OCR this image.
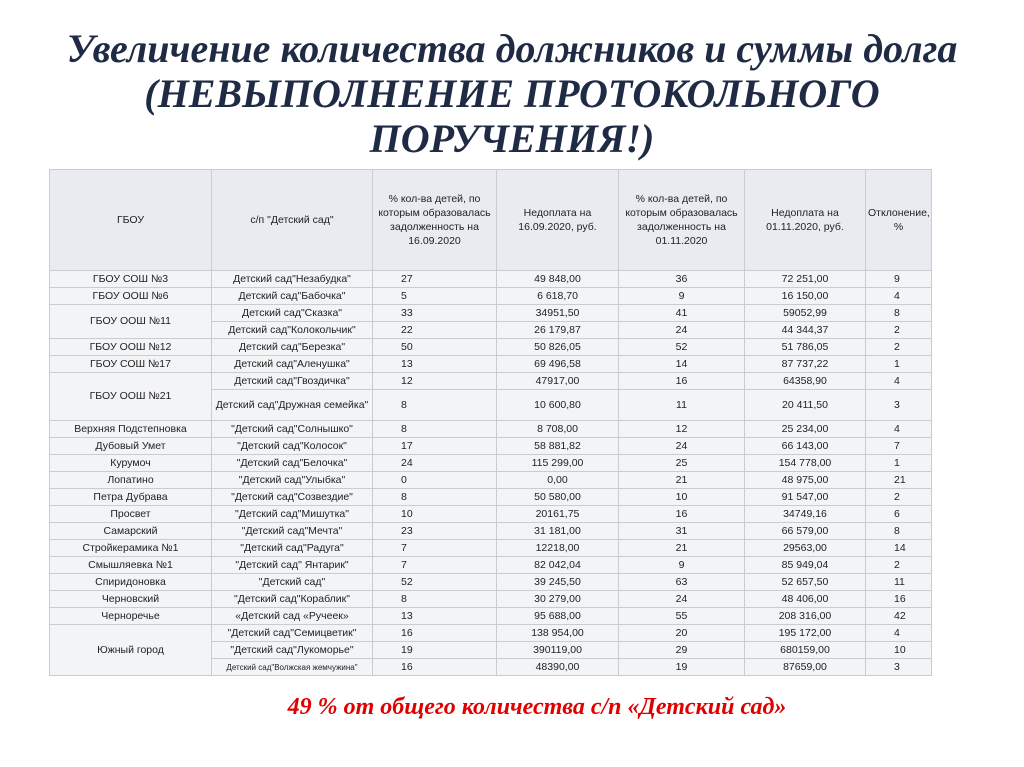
Увеличение количества должников и суммы долга
(НЕВЫПОЛНЕНИЕ ПРОТОКОЛЬНОГО
ПОРУЧЕНИЯ!)
ГБОУ	с/п "Детский сад"	% кол-ва детей, по которым образовалась задолженность на 16.09.2020	Недоплата на 16.09.2020, руб.	% кол-ва детей, по которым образовалась задолженность на 01.11.2020	Недоплата на 01.11.2020, руб.	Отклонение, %
ГБОУ СОШ №3	Детский сад"Незабудка"	27	49 848,00	36	72 251,00	9
ГБОУ ООШ №6	Детский сад"Бабочка"	5	6 618,70	9	16 150,00	4
ГБОУ ООШ №11	Детский сад"Сказка"	33	34951,50	41	59052,99	8
	Детский сад"Колокольчик"	22	26 179,87	24	44 344,37	2
ГБОУ ООШ №12	Детский сад"Березка"	50	50 826,05	52	51 786,05	2
ГБОУ СОШ №17	Детский сад"Аленушка"	13	69 496,58	14	87 737,22	1
ГБОУ ООШ №21	Детский сад"Гвоздичка"	12	47917,00	16	64358,90	4
	Детский сад"Дружная семейка"	8	10 600,80	11	20 411,50	3
Верхняя Подстепновка	"Детский сад"Солнышко"	8	8 708,00	12	25 234,00	4
Дубовый Умет	"Детский сад"Колосок"	17	58 881,82	24	66 143,00	7
Курумоч	"Детский сад"Белочка"	24	115 299,00	25	154 778,00	1
Лопатино	"Детский сад"Улыбка"	0	0,00	21	48 975,00	21
Петра Дубрава	"Детский сад"Созвездие"	8	50 580,00	10	91 547,00	2
Просвет	"Детский сад"Мишутка"	10	20161,75	16	34749,16	6
Самарский	"Детский сад"Мечта"	23	31 181,00	31	66 579,00	8
Стройкерамика №1	"Детский сад"Радуга"	7	12218,00	21	29563,00	14
Смышляевка №1	"Детский сад" Янтарик"	7	82 042,04	9	85 949,04	2
Спиридоновка	"Детский сад"	52	39 245,50	63	52 657,50	11
Черновский	"Детский сад"Кораблик"	8	30 279,00	24	48 406,00	16
Черноречье	«Детский сад «Ручеек»	13	95 688,00	55	208 316,00	42
Южный город	"Детский сад"Семицветик"	16	138 954,00	20	195 172,00	4
	"Детский сад"Лукоморье"	19	390119,00	29	680159,00	10
	Детский сад"Волжская жемчужина"	16	48390,00	19	87659,00	3
49 % от общего количества с/п «Детский сад»
